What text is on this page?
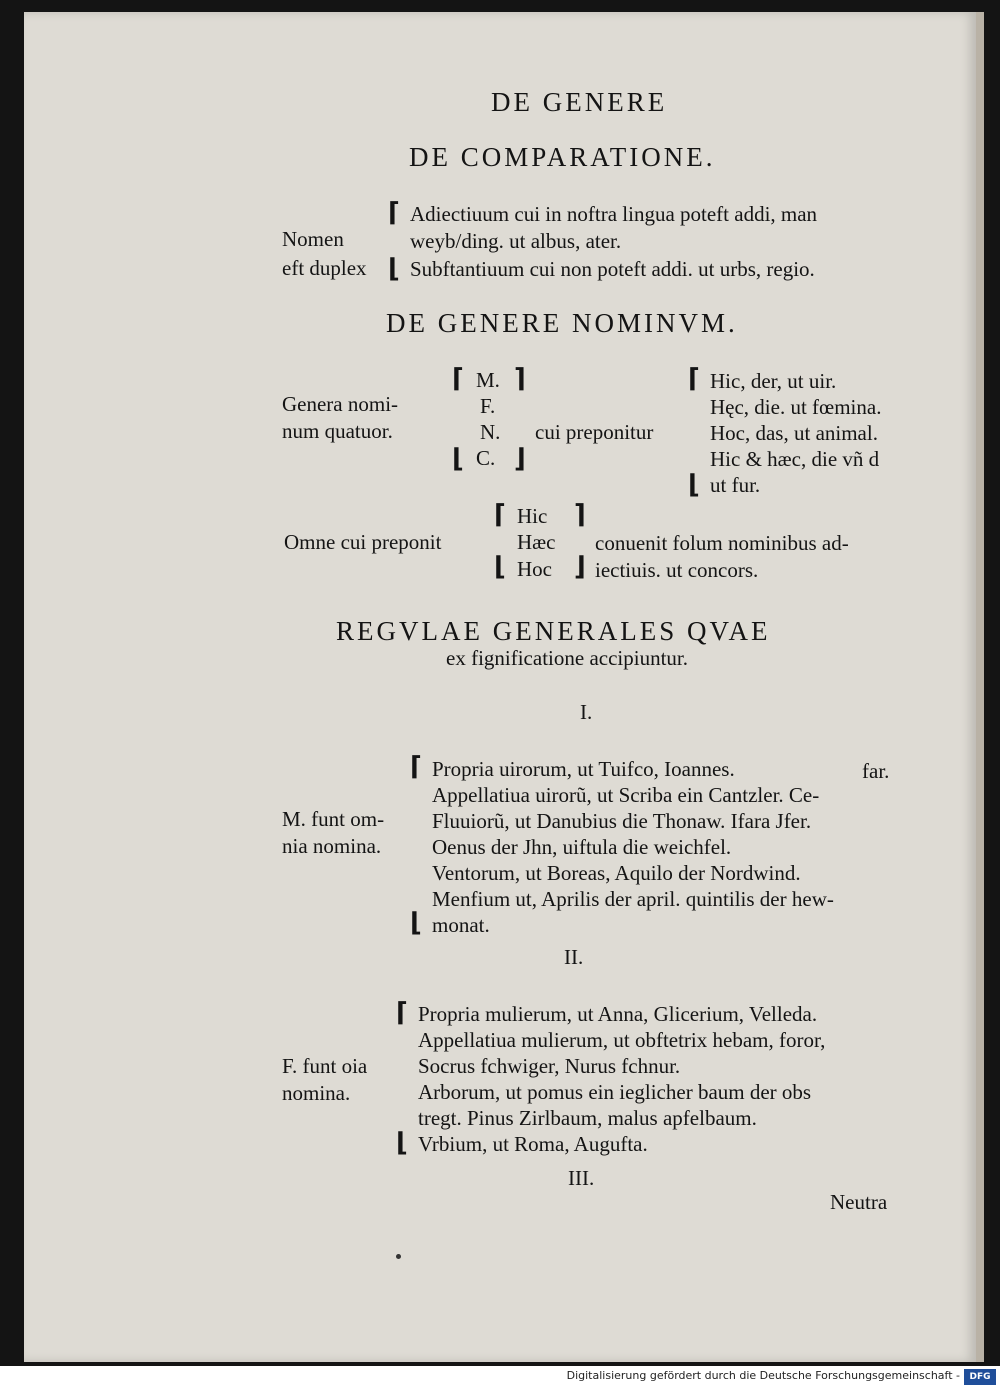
DE GENERE
DE COMPARATIONE.
Nomen
eft duplex
⌈
⌊
Adiectiuum cui in noftra lingua poteft addi, man
weyb/ding. ut albus, ater.
Subftantiuum cui non poteft addi. ut urbs, regio.
DE GENERE NOMINVM.
Genera nomi-
num quatuor.
⌈
⌊
M.
F.
N.
C.
⌉
⌋
cui preponitur
⌈
⌊
Hic, der, ut uir.
Hęc, die. ut fœmina.
Hoc, das, ut animal.
Hic & hæc, die vñ d
ut fur.
Omne cui preponit
⌈
⌊
Hic
Hæc
Hoc
⌉
⌋
conuenit folum nominibus ad-
iectiuis. ut concors.
REGVLAE GENERALES QVAE
ex fignificatione accipiuntur.
I.
M. funt om-
nia nomina.
⌈
⌊
Propria uirorum, ut Tuifco, Ioannes.
Appellatiua uirorũ, ut Scriba ein Cantzler. Ce-
Fluuiorũ, ut Danubius die Thonaw. Ifara Jfer.
Oenus der Jhn, uiftula die weichfel.
Ventorum, ut Boreas, Aquilo der Nordwind.
Menfium ut, Aprilis der april. quintilis der hew-
monat.
far.
II.
F. funt oia
nomina.
⌈
⌊
Propria mulierum, ut Anna, Glicerium, Velleda.
Appellatiua mulierum, ut obftetrix hebam, foror,
Socrus fchwiger, Nurus fchnur.
Arborum, ut pomus ein ieglicher baum der obs
tregt. Pinus Zirlbaum, malus apfelbaum.
Vrbium, ut Roma, Augufta.
III.
Neutra
Digitalisierung gefördert durch die Deutsche Forschungsgemeinschaft -	DFG
